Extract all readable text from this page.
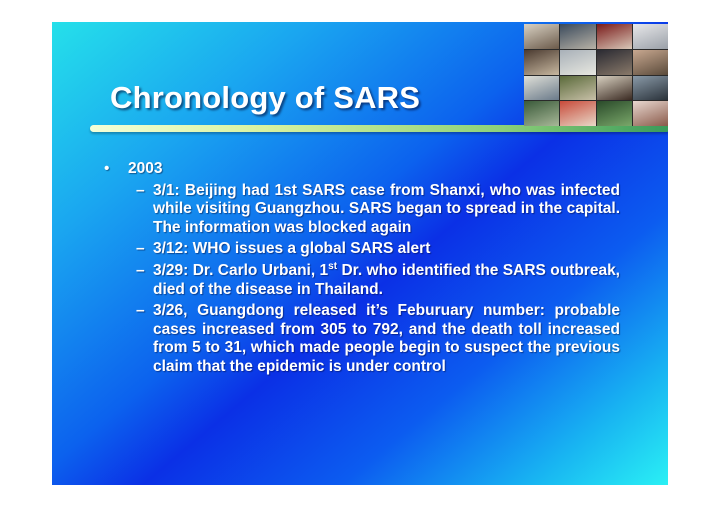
Chronology of SARS
• 2003
– 3/1: Beijing had 1st SARS case from Shanxi, who was infected while visiting Guangzhou. SARS began to spread in the capital. The information was blocked again
– 3/12: WHO issues a global SARS alert
– 3/29: Dr. Carlo Urbani, 1st Dr. who identified the SARS outbreak, died of the disease in Thailand.
– 3/26, Guangdong released it’s Feburuary number: probable cases increased from 305 to 792, and the death toll increased from 5 to 31, which made people begin to suspect the previous claim that the epidemic is under control
